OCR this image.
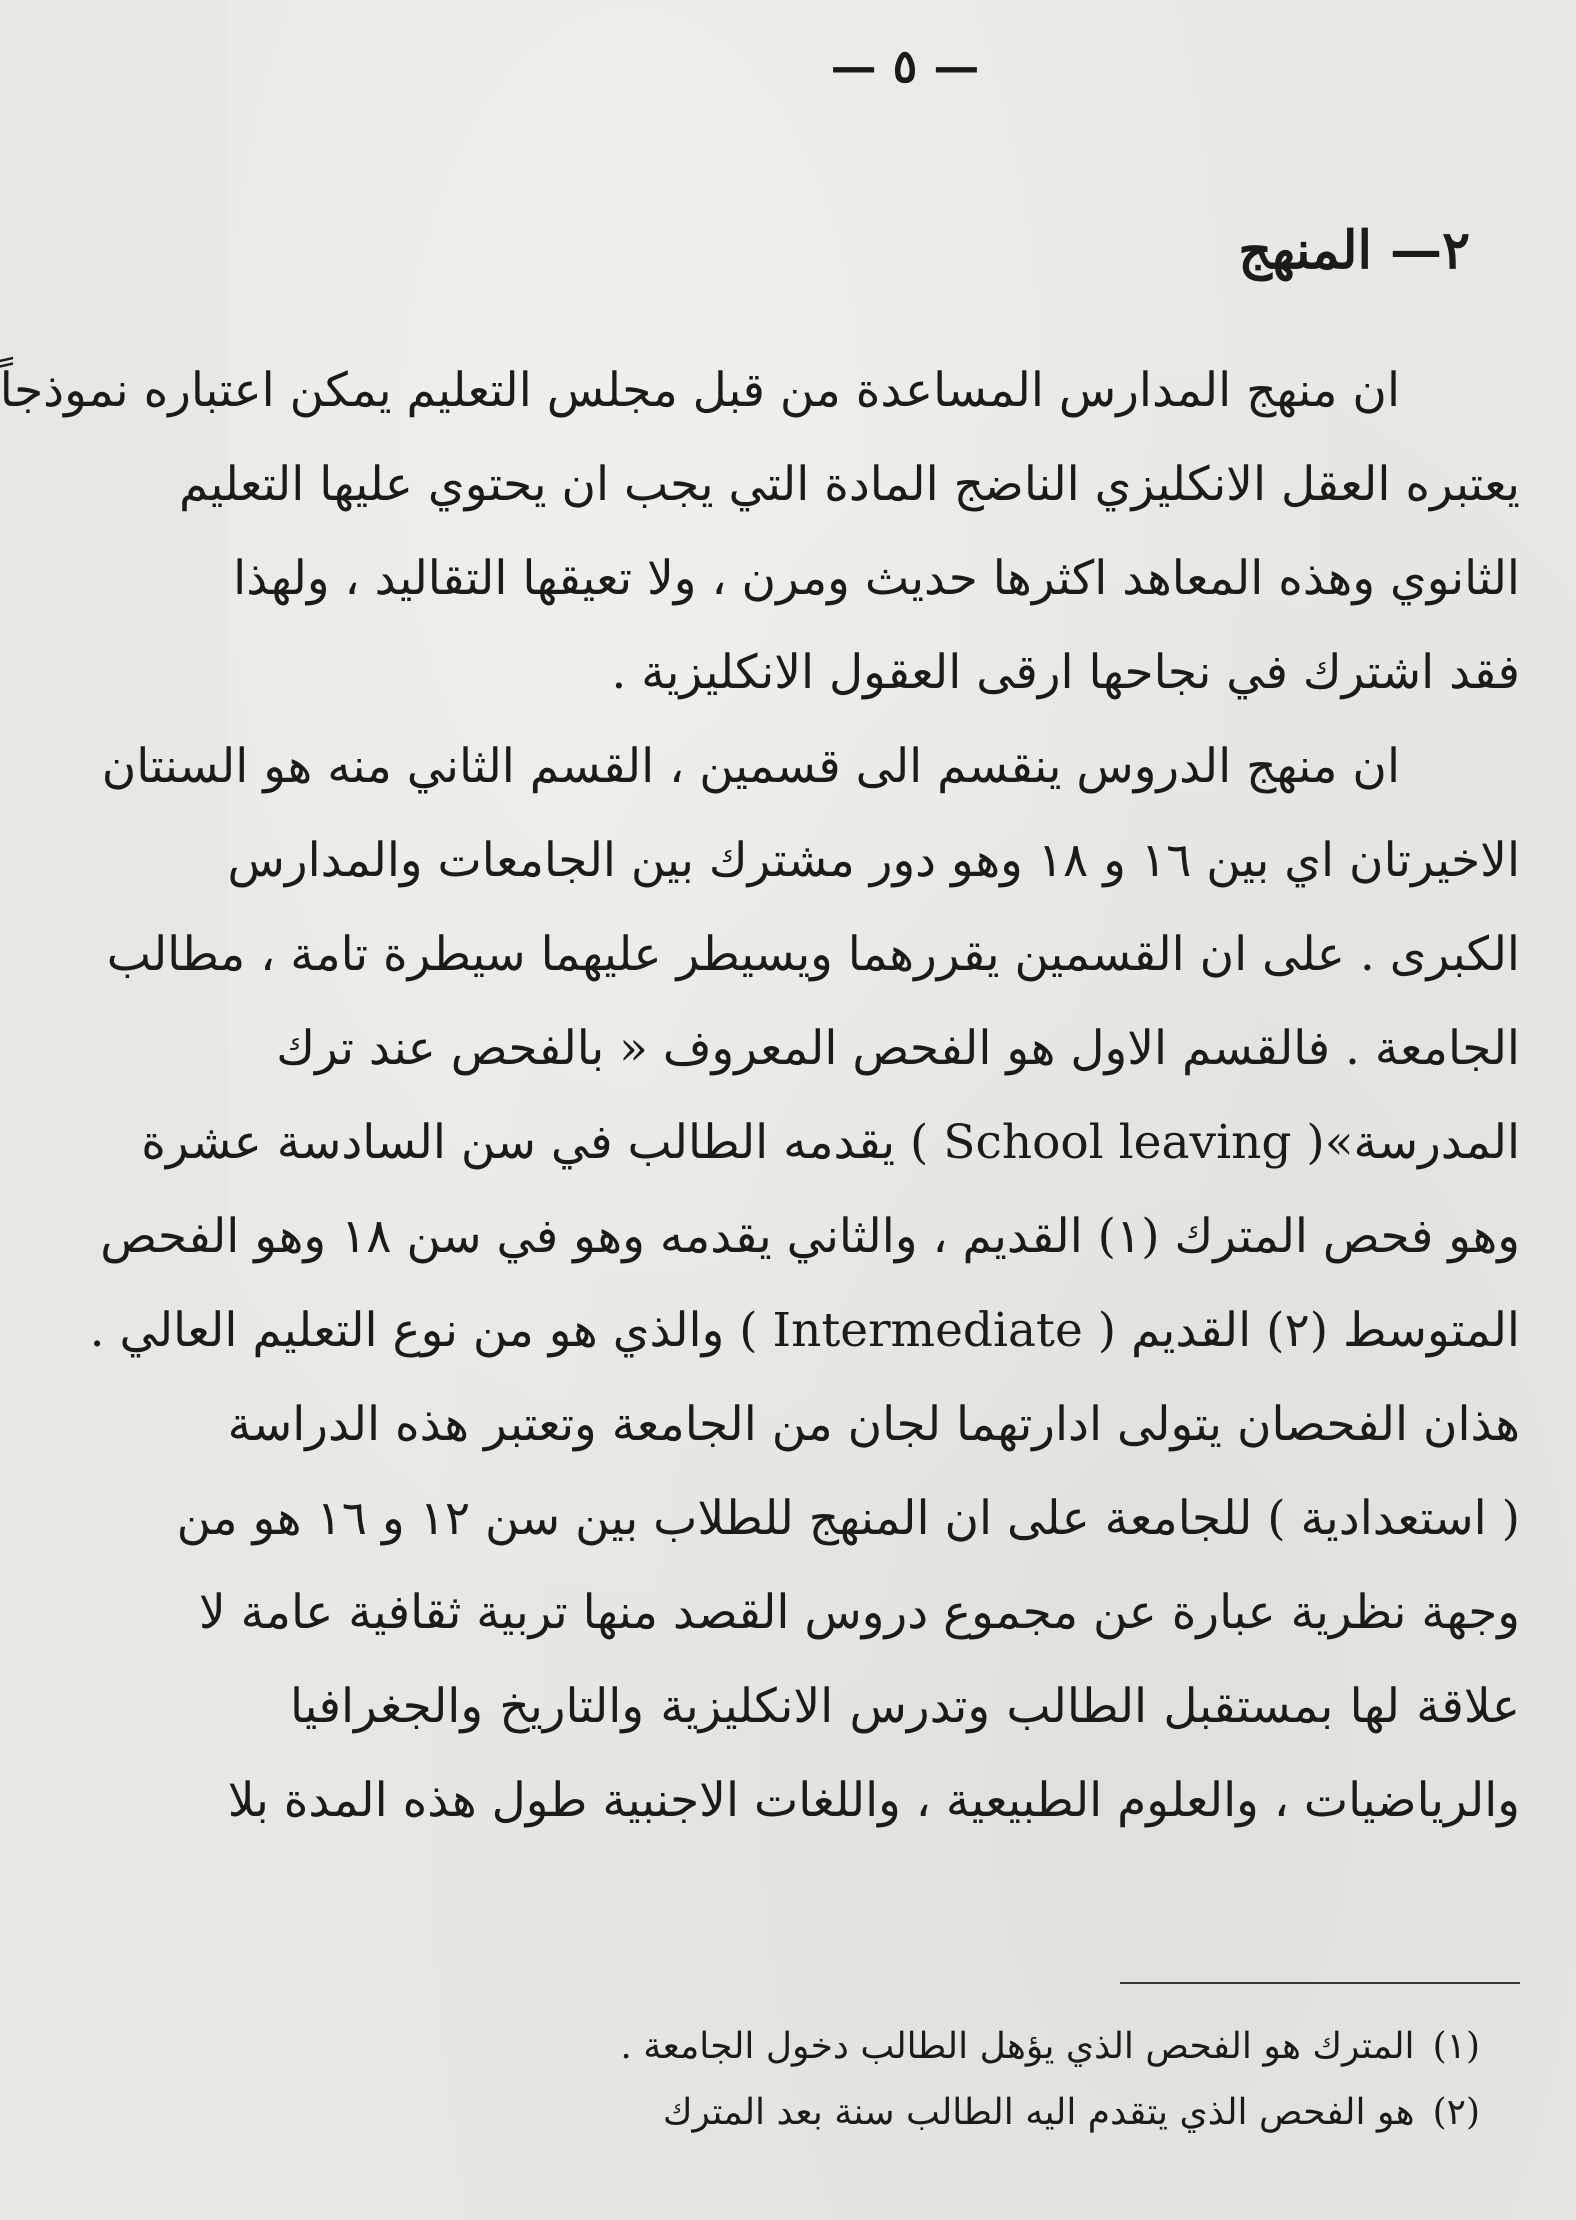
— ٥ —
٢— المنهج
ان منهج المدارس المساعدة من قبل مجلس التعليم يمكن اعتباره نموذجاً
يعتبره العقل الانكليزي الناضج المادة التي يجب ان يحتوي عليها التعليم
الثانوي وهذه المعاهد اكثرها حديث ومرن ، ولا تعيقها التقاليد ، ولهذا
فقد اشترك في نجاحها ارقى العقول الانكليزية .
ان منهج الدروس ينقسم الى قسمين ، القسم الثاني منه هو السنتان
الاخيرتان اي بين ١٦ و ١٨ وهو دور مشترك بين الجامعات والمدارس
الكبرى . على ان القسمين يقررهما ويسيطر عليهما سيطرة تامة ، مطالب
الجامعة . فالقسم الاول هو الفحص المعروف « بالفحص عند ترك
المدرسة»( School leaving ) يقدمه الطالب في سن السادسة عشرة
وهو فحص المترك (١) القديم ، والثاني يقدمه وهو في سن ١٨ وهو الفحص
المتوسط (٢) القديم ( Intermediate ) والذي هو من نوع التعليم العالي .
هذان الفحصان يتولى ادارتهما لجان من الجامعة وتعتبر هذه الدراسة
( استعدادية ) للجامعة على ان المنهج للطلاب بين سن ١٢ و ١٦ هو من
وجهة نظرية عبارة عن مجموع دروس القصد منها تربية ثقافية عامة لا
علاقة لها بمستقبل الطالب وتدرس الانكليزية والتاريخ والجغرافيا
والرياضيات ، والعلوم الطبيعية ، واللغات الاجنبية طول هذه المدة بلا
(١)المترك هو الفحص الذي يؤهل الطالب دخول الجامعة .
(٢)هو الفحص الذي يتقدم اليه الطالب سنة بعد المترك
